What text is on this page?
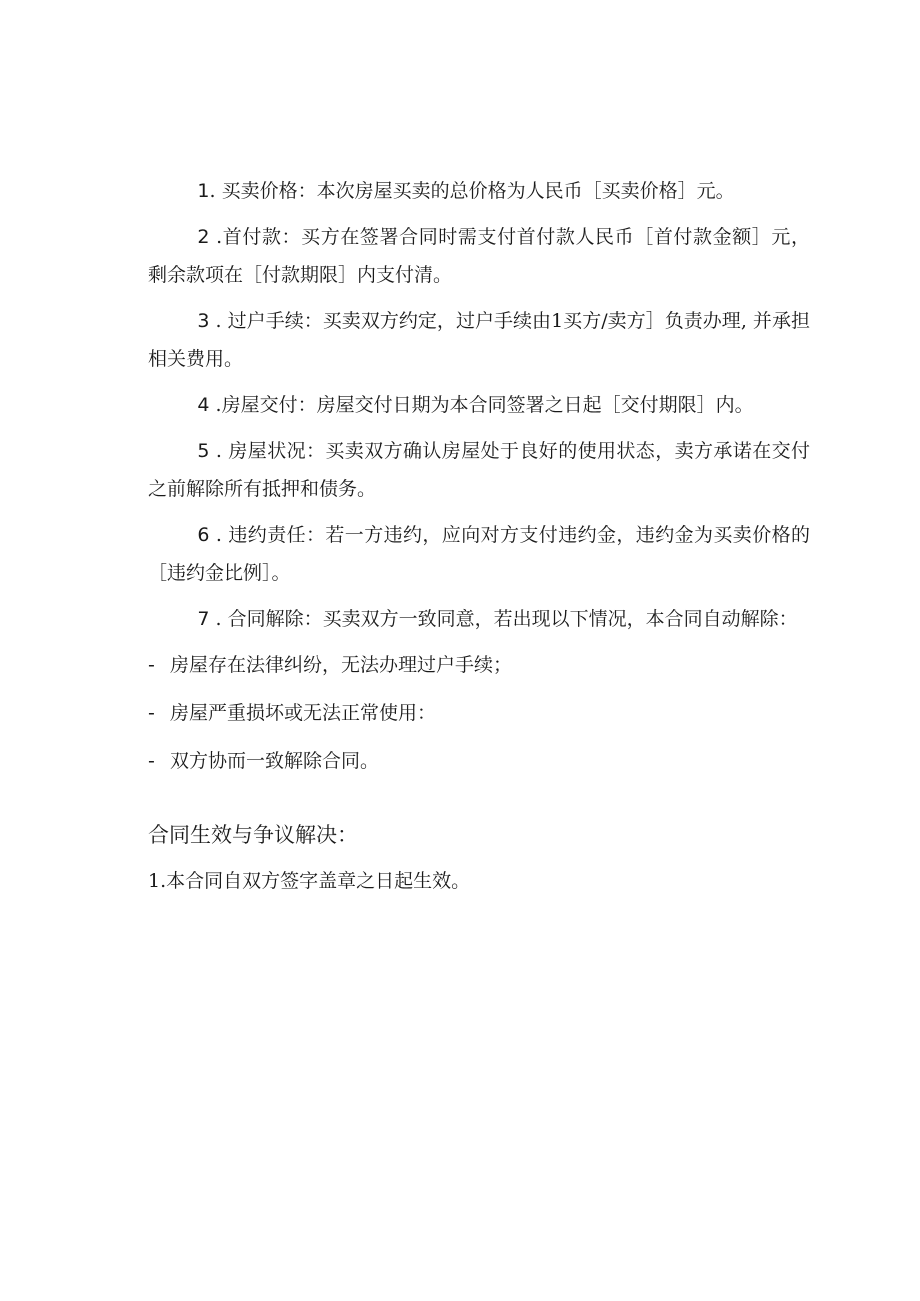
1. 买卖价格：本次房屋买卖的总价格为人民币［买卖价格］元。

2 .首付款：买方在签署合同时需支付首付款人民币［首付款金额］元，剩余款项在［付款期限］内支付清。

3 . 过户手续：买卖双方约定，过户手续由1买方/卖方］负责办理, 并承担相关费用。

4 .房屋交付：房屋交付日期为本合同签署之日起［交付期限］内。

5 . 房屋状况：买卖双方确认房屋处于良好的使用状态，卖方承诺在交付之前解除所有抵押和债务。

6 . 违约责任：若一方违约，应向对方支付违约金，违约金为买卖价格的［违约金比例］。

7 . 合同解除：买卖双方一致同意，若出现以下情况，本合同自动解除：

- 房屋存在法律纠纷，无法办理过户手续；
- 房屋严重损坏或无法正常使用：
- 双方协而一致解除合同。
合同生效与争议解决：

1.本合同自双方签字盖章之日起生效。
